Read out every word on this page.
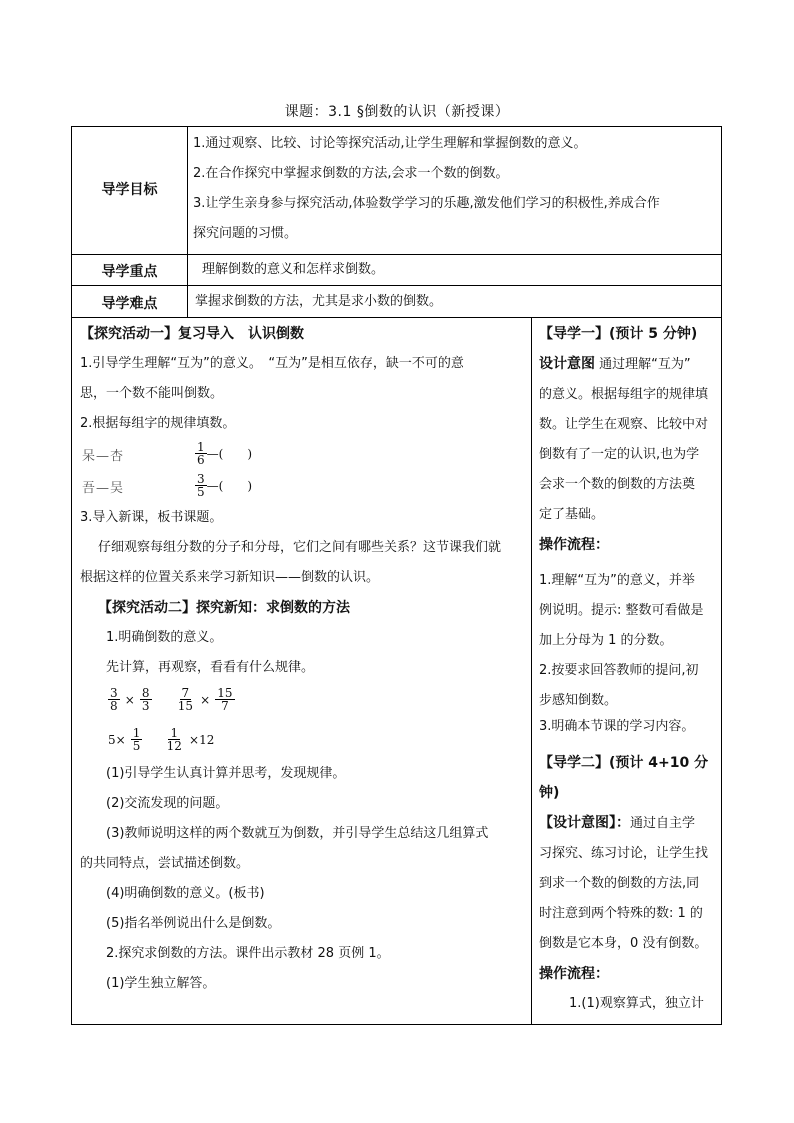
课题：3.1 §倒数的认识（新授课）
导学目标

1.通过观察、比较、讨论等探究活动,让学生理解和掌握倒数的意义。

2.在合作探究中掌握求倒数的方法,会求一个数的倒数。

3.让学生亲身参与探究活动,体验数学学习的乐趣,激发他们学习的积极性,养成合作

探究问题的习惯。

导学重点	理解倒数的意义和怎样求倒数。
导学难点	掌握求倒数的方法，尤其是求小数的倒数。

【探究活动一】复习导入　认识倒数

1.引导学生理解“互为”的意义。　“互为”是相互依存，缺一不可的意

思，一个数不能叫倒数。

2.根据每组字的规律填数。

呆—杏	$\frac{1}{6}$ —(　　)
吾—吴	$\frac{3}{5}$ —(　　)

3.导入新课，板书课题。

仔细观察每组分数的分子和分母，它们之间有哪些关系？这节课我们就

根据这样的位置关系来学习新知识——倒数的认识。

【探究活动二】探究新知：求倒数的方法

1.明确倒数的意义。

先计算，再观察，看看有什么规律。

$\frac{3}{8} \times \frac{8}{3}$
$\frac{7}{15} \times \frac{15}{7}$
$5\times \frac{1}{5}$
$\frac{1}{12} \times 12$

(1)引导学生认真计算并思考，发现规律。

(2)交流发现的问题。

(3)教师说明这样的两个数就互为倒数，并引导学生总结这几组算式

的共同特点，尝试描述倒数。

(4)明确倒数的意义。(板书)

(5)指名举例说出什么是倒数。

2.探究求倒数的方法。课件出示教材 28 页例 1。

(1)学生独立解答。

【导学一】(预计 5 分钟)

设计意图 通过理解“互为”

的意义。根据每组字的规律填

数。让学生在观察、比较中对

倒数有了一定的认识,也为学

会求一个数的倒数的方法奠

定了基础。

操作流程：

1.理解“互为”的意义，并举

例说明。提示: 整数可看做是

加上分母为 1 的分数。

2.按要求回答教师的提问,初

步感知倒数。

3.明确本节课的学习内容。

【导学二】(预计 4+10 分

钟)

【设计意图】：通过自主学

习探究、练习讨论，让学生找

到求一个数的倒数的方法,同

时注意到两个特殊的数: 1 的

倒数是它本身，0 没有倒数。

操作流程：

1.(1)观察算式，独立计
